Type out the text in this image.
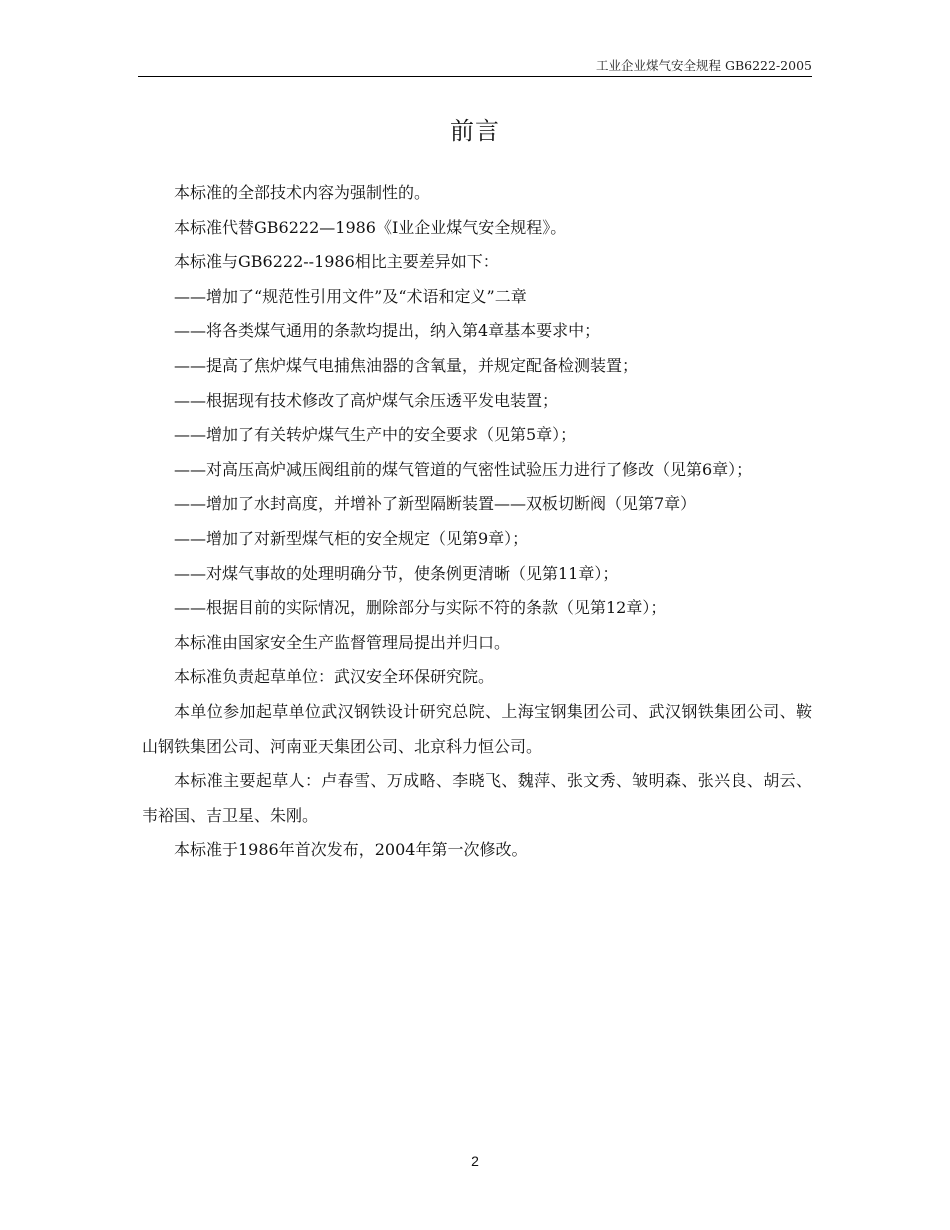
工业企业煤气安全规程 GB6222-2005
前言

本标准的全部技术内容为强制性的。

本标准代替GB6222—1986《I业企业煤气安全规程》。

本标准与GB6222--1986相比主要差异如下：

——增加了“规范性引用文件”及“术语和定义”二章

——将各类煤气通用的条款均提出，纳入第4章基本要求中；

——提高了焦炉煤气电捕焦油器的含氧量，并规定配备检测装置；

——根据现有技术修改了高炉煤气余压透平发电装置；

——增加了有关转炉煤气生产中的安全要求（见第5章）；

——对高压高炉减压阀组前的煤气管道的气密性试验压力进行了修改（见第6章）；

——增加了水封高度，并增补了新型隔断装置——双板切断阀（见第7章）

——增加了对新型煤气柜的安全规定（见第9章）；

——对煤气事故的处理明确分节，使条例更清晰（见第11章）；

——根据目前的实际情况，删除部分与实际不符的条款（见第12章）；

本标准由国家安全生产监督管理局提出并归口。

本标准负责起草单位：武汉安全环保研究院。

本单位参加起草单位武汉钢铁设计研究总院、上海宝钢集团公司、武汉钢铁集团公司、鞍山钢铁集团公司、河南亚天集团公司、北京科力恒公司。

本标准主要起草人：卢春雪、万成略、李晓飞、魏萍、张文秀、皱明森、张兴良、胡云、韦裕国、吉卫星、朱刚。

本标准于1986年首次发布，2004年第一次修改。

2
